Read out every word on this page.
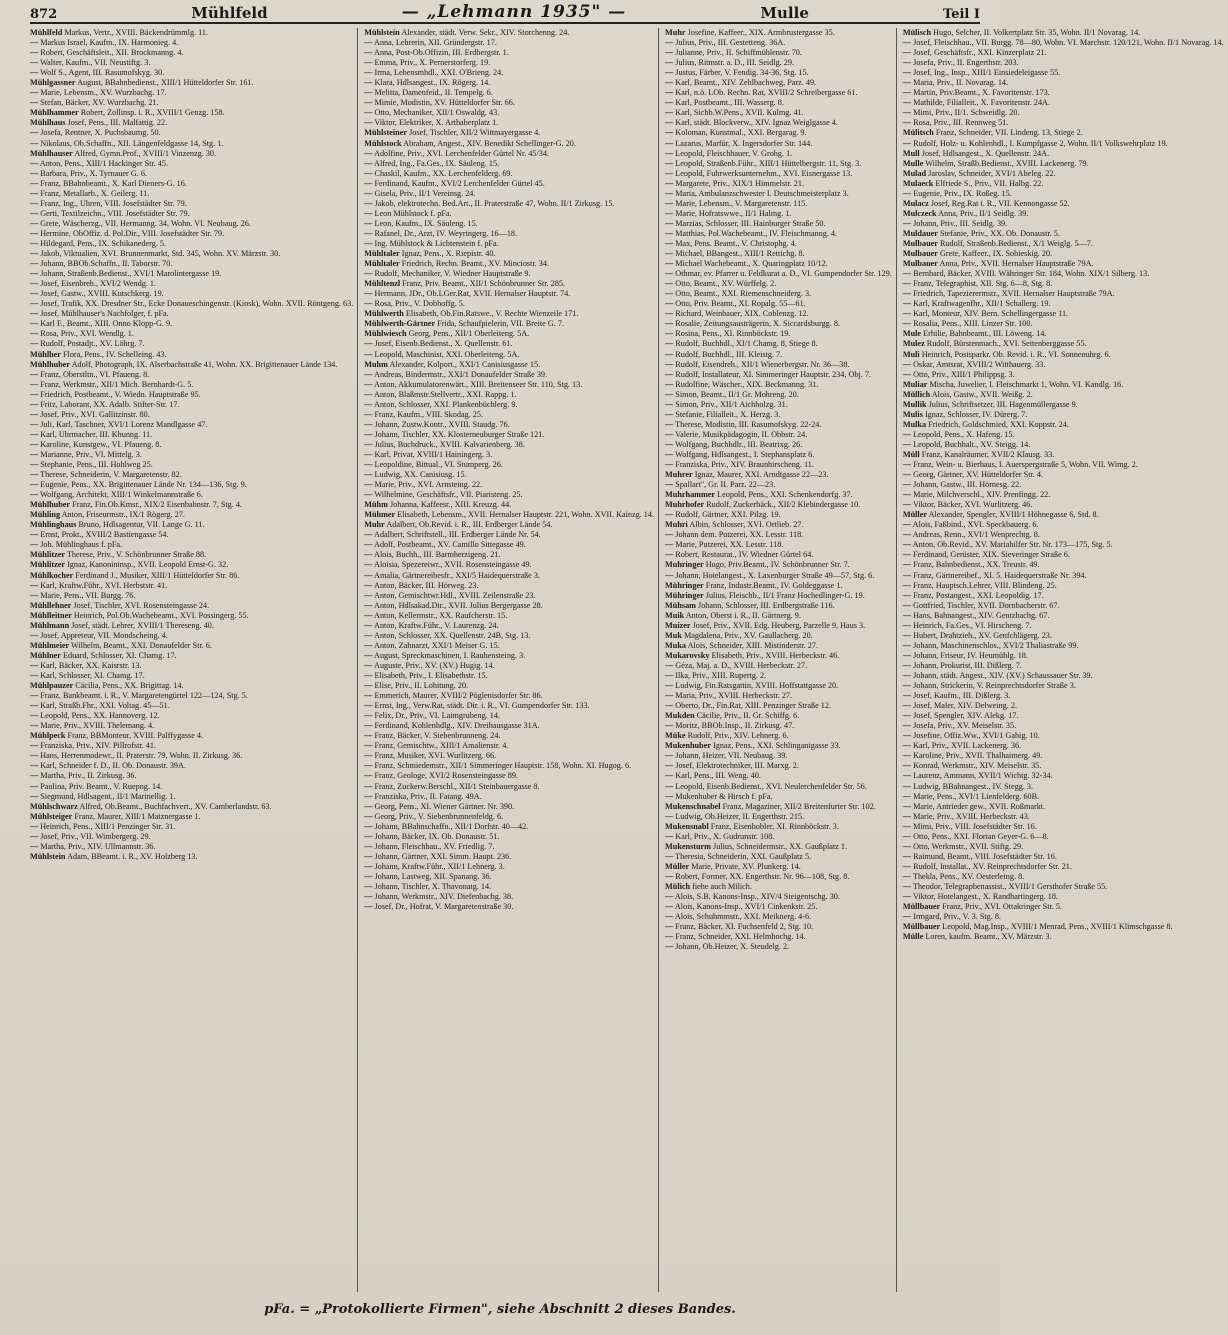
872	Mühlfeld	— „Lehmann 1935" —	Mulle	Teil I
Mühlfeld Markus, Vertr., XVIII. Bäckendrümmlg. 11.
— Markus Israel, Kaufm., IX. Harmonieg. 4.
— Robert, Geschäftsleit., XII. Brockmanng. 4.
— Walter, Kaufm., VII. Neustiftg. 3.
— Wolf S., Agent, III. Rasumofskyg. 30.
Mühlgassner August, BBahnbedienst., XIII/1 Hütteldorfer Str. 161.
— Marie, Lebensm., XV. Wurzbachg. 17.
— Stefan, Bäcker, XV. Wurzbachg. 21.
Mühlhammer Robert, Zollinsp. i. R., XVIII/1 Genzg. 158.
Mühlhaus Josef, Pens., III. Malfattig. 22.
— Josefa, Rentner, X. Puchsbaumg. 50.
— Nikolaus, Ob.Schaffn., XII. Längenfeldgasse 14, Stg. 1.
Mühlhauser Alfred, Gymn.Prof., XVIII/1 Vinzenzg. 30.
— Anton, Pens., XIII/1 Hackinger Str. 45.
— Barbara, Priv., X. Tyrnauer G. 6.
— Franz, BBahnbeamt., X. Karl Dieners-G. 16.
— Franz, Metallarb., X. Geilerg. 11.
— Franz, Ing., Uhren, VIII. Josefstädter Str. 79.
— Gerti, Textilzeichn., VIII. Josefstädter Str. 79.
— Grete, Wäscherzg., VII. Hermanng. 34, Wohn. VI. Neubaug. 26.
— Hermine, ObOffiz. d. Pol.Dir., VIII. Josefstädter Str. 79.
— Hildegard, Pens., IX. Schikanederg. 5.
— Jakob, Viktualien, XVI. Brunnenmarkt, Std. 345, Wohn. XV. Märzstr. 30.
— Johann, BBOb.Schaffn., II. Taborstr. 70.
— Johann, Straßenb.Bedienst., XVI/1 Marolintergasse 19.
— Josef, Eisenbreh., XVI/2 Wendg. 1.
— Josef, Gastw., XVIII. Kutschkerg. 19.
— Josef, Trafik, XX. Dresdner Str., Ecke Donaueschingenstr. (Kiosk), Wohn. XVII. Röntgeng. 63.
— Josef, Mühlhauser's Nachfolger, f. pFa.
— Karl F., Beamt., XIII. Onno Klopp-G. 9.
— Rosa, Priv., XVI. Wendlg. 1.
— Rudolf, Postadjt., XV. Löhrg. 7.
Mühlher Flora, Pens., IV. Schelleing. 43.
Mühlhuber Adolf, Photograph, IX. Alserbachstraße 41, Wohn. XX. Brigittenauer Lände 134.
— Franz, Oberstltn., VI. Pfaueng. 8.
— Franz, Werkmstr., XII/1 Mich. Bernhardt-G. 5.
— Friedrich, Postbeamt., V. Wiedn. Hauptstraße 95.
— Fritz, Laborant, XX. Adalb. Stifter-Str. 17.
— Josef, Priv., XVI. Gallitzinstr. 80.
— Juli, Karl, Taschner, XVI/1 Lorenz Mandlgasse 47.
— Karl, Uhrmacher, III. Khunng. 11.
— Karoline, Kunstgew., VI. Pfaueng. 8.
— Marianne, Priv., VI. Mittelg. 3.
— Stephanie, Pens., III. Hohlweg 25.
— Therese, Schneiderin, V. Margaretenstr. 82.
— Eugenie, Pens., XX. Brigittenauer Lände Nr. 134—136, Stg. 9.
— Wolfgang, Architekt, XIII/1 Winkelmannstraße 6.
Mühlhuber Franz, Fin.Ob.Kmsr., XIX/2 Eisenbahnstr. 7, Stg. 4.
Mühling Anton, Friseurmstr., IX/1 Rögerg. 27.
Mühlinghaus Bruno, Hdlsagentur, VII. Lange G. 11.
— Ernst, Prokt., XVIII/2 Bastiengasse 54.
— Joh. Mühlinghaus f. pFa.
Mühlitzer Therese, Priv., V. Schönbrunner Straße 88.
Mühlitzer Ignaz, Kanonininsp., XVII. Leopold Ernst-G. 32.
Mühlkocher Ferdinand J., Musiker, XIII/1 Hütteldorfer Str. 86.
— Karl, Kraftw.Führ., XVI. Herbststr. 41.
— Marie, Pens., VII. Burgg. 76.
Mühllehner Josef, Tischler, XVI. Rosensteingasse 24.
Mühlleitner Heinrich, Pol.Ob.Wachebeamt., XVI. Possingerg. 55.
Mühlmann Josef, städt. Lehrer, XVIII/1 Thereseng. 40.
— Josef, Appreteur, VII. Mondscheing. 4.
Mühlmeier Wilhelm, Beamt., XXI. Donaufelder Str. 6.
Mühlner Eduard, Schlosser, XI. Chamg. 17.
— Karl, Bäcker, XX. Kaisrstr. 13.
— Karl, Schlosser, XI. Chamg. 17.
Mühlpauzer Cäcilia, Pens., XX. Brigittag. 14.
— Franz, Bankbeamt. i. R., V. Margaretengürtel 122—124, Stg. 5.
— Karl, Straßb.Fhr., XXI. Voltag. 45—51.
— Leopold, Pens., XX. Hannoverg. 12.
— Marie, Priv., XVIII. Thelemang. 4.
Mühlpeck Franz, BBMonteur, XVIII. Palffygasse 4.
— Franziska, Priv., XIV. Pillrofstr. 41.
— Hans, Herrenmodewr., II. Praterstr. 79, Wohn. II. Zirkusg. 36.
— Karl, Schneider f. D., II. Ob. Donaustr. 39A.
— Martha, Priv., II. Zirkusg. 36.
— Paulina, Priv. Beamt., V. Ruepng. 14.
— Siegmund, Hdlsagent., II/1 Marinellig. 1.
Mühlschwarz Alfred, Ob.Beamt., Buchfachvert., XV. Camberlandstr. 63.
Mühlsteiger Franz, Maurer, XIII/1 Matznergasse 1.
— Heinrich, Pens., XIII/1 Penzinger Str. 31.
— Josef, Priv., VII. Wimbergerg. 29.
— Martha, Priv., XIV. Ullmannstr. 36.
Mühlstein Adam, BBeamt. i. R., XV. Holzberg 13.
Mühlstein Alexander, städt. Verw. Sekr., XIV. Storchenng. 24.
— Anna, Lehrerin, XII. Gründergstr. 17.
— Anna, Post-Ob.Offizin, III. Erdbergstr. 1.
— Emma, Priv., X. Pernerstorferg. 19.
— Irma, Lebensmhdl., XXI. O'Brieng. 24.
— Klara, Hdlsangest., IX. Rögerg. 14.
— Melitta, Damenfeid., II. Tempelg. 6.
— Mimie, Modistin, XV. Hütteldorfer Str. 66.
— Otto, Mechaniker, XII/1 Oswaldg. 43.
— Viktor, Elektriker, X. Arthaberplatz 1.
Mühlsteiner Josef, Tischler, XII/2 Wittmayergasse 4.
Mühlstock Abraham, Angest., XIV. Benedikt Schellinger-G. 20.
— Adolfine, Priv., XVI. Lerchenfelder Gürtel Nr. 45/34.
— Alfred, Ing., Fa.Ges., IX. Säuleng. 15.
— Chaskil, Kaufm., XX. Lerchenfelderg. 69.
— Ferdinand, Kaufm., XVI/2 Lerchenfelder Gürtel 45.
— Gisela, Priv., II/1 Vereinsg. 24.
— Jakob, elektrotechn. Bed.Art., II. Praterstraße 47, Wohn. II/1 Zirkusg. 15.
— Leon Mühlstock f. pFa.
— Leon, Kaufm., IX. Säuleng. 15.
— Rafanel, Dr., Arzt, IV. Weyringerg. 16—18.
— Ing. Mühlstock & Lichtenstein f. pFa.
Mühltaler Ignaz, Pens., X. Riepistr. 40.
Mühltaler Friedrich, Rechn. Beamt., XV. Minciostr. 34.
— Rudolf, Mechaniker, V. Wiedner Hauptstraße 9.
Mühltenzl Franz, Priv. Beamt., XII/1 Schönbrunner Str. 285.
— Hermann, JDr., Ob.LGer.Rat, XVII. Hernalser Hauptstr. 74.
— Rosa, Priv., V. Dobhoffg. 5.
Mühlwerth Elisabeth, Ob.Fin.Ratswe., V. Rechte Wienzeile 171.
Mühlwerth-Gärtner Frida, Schaufpielerin, VII. Breite G. 7.
Mühlwiesch Georg, Pens., XII/1 Oberleiteng. 5A.
— Josef, Eisenb.Bedienst., X. Quellenstr. 61.
— Leopold, Maschinist, XXI. Oberleiteng. 5A.
Muhm Alexander, Kolport., XXI/1 Canisiusgasse 15.
— Andreas, Bindermstr., XXI/1 Donaufelder Straße 39.
— Anton, Akkumulatorenwärt., XIII. Breitenseer Str. 110, Stg. 13.
— Anton, Blaßmstr.Stellvertr., XXI. Rappg. 1.
— Anton, Schlosser, XXI. Plankenbüchlerg. 9.
— Franz, Kaufm., VIII. Skodag. 25.
— Johann, Zustw.Kontr., XVIII. Staudg. 76.
— Johann, Tischler, XX. Klosterneuburger Straße 121.
— Julius, Buchdruck., XVIII. Kalvarienberg. 38.
— Karl, Privat, XVIII/1 Hainingerg. 3.
— Leopoldine, Bittual., VI. Stumperg. 26.
— Ludwig, XX. Canisiusg. 15.
— Marie, Priv., XVI. Arnsteing. 22.
— Wilhelmine, Geschäftsfr., VII. Piaristeng. 25.
Mühm Johanna, Kaffeesr., XIII. Kreuzg. 44.
Mühmer Elisabeth, Lebensm., XVII. Hernalser Hauptstr. 221, Wohn. XVII. Kainzg. 14.
Muhr Adalbert, Ob.Revid. i. R., III. Erdberger Lände 54.
— Adalbert, Schriftstell., III. Erdberger Lände Nr. 54.
— Adolf, Postbeamt., XV. Camillo Sittegasse 49.
— Alois, Buchh., III. Barmherzigeng. 21.
— Aloisia, Spezereiwr., XVII. Rosensteingasse 49.
— Amalia, Gärtnereibesfr., XXI/5 Haidequerstraße 3.
— Anton, Bäcker, III. Hörweg. 23.
— Anton, Gemischtwr.Hdl., XVIII. Zeilenstraße 23.
— Anton, Hdlsakad.Dir., XVII. Julius Bergergasse 28.
— Anton, Kellermstr., XX. Raufcherstr. 15.
— Anton, Kraftw.Führ., V. Laurenzg. 24.
— Anton, Schlosser, XX. Quellenstr. 24B, Stg. 13.
— Anton, Zahnarzt, XXI/1 Meiser G. 15.
— August, Spreckmaschinen, I. Rauhensteing. 3.
— Auguste, Priv., XV. (XV.) Hugig. 14.
— Elisabeth, Priv., I. Elisabethstr. 15.
— Elise, Priv., II. Lohitung. 20.
— Emmerich, Maurer, XVIII/2 Pöglenisdorfer Str. 86.
— Ernst, Ing., Verw.Rat, städt. Dir. i. R., VI. Gumpendorfer Str. 133.
— Felix, Dr., Priv., VI. Laimgrubeng. 14.
— Ferdinand, Kohlenhdlg., XIV. Dreihausgasse 31A.
— Franz, Bäcker, V. Siebenbrunneng. 24.
— Franz, Gemischtw., XIII/1 Amalienstr. 4.
— Franz, Musiker, XVI. Wurlitzerg. 66.
— Franz, Schmiedemstr., XII/1 Simmeringer Hauptstr. 158, Wohn. XI. Hugog. 6.
— Franz, Geologe, XVI/2 Rosensteingasse 89.
— Franz, Zuckerw.Berschl., XII/1 Steinbauergasse 8.
— Franziska, Priv., II. Fatang. 49A.
— Georg, Pens., XI. Wiener Gärtner. Nr. 390.
— Georg, Priv., V. Siebenbrunnenfeldg. 6.
— Johann, BBahnschaffn., XII/1 Dorfstr. 40—42.
— Johann, Bäcker, IX. Ob. Donaustr. 51.
— Johann, Fleischhau., XV. Friedlig. 7.
— Johann, Gärtner, XXI. Simm. Haupt. 236.
— Johann, Kraftw.Führ., XII/1 Lehnerg. 3.
— Johann, Lastweg, XII. Spanang. 36.
— Johann, Tischler, X. Thavonatg. 14.
— Johann, Werkmstr., XIV. Diefenbachg. 38.
— Josef, Dr., Hofrat, V. Margaretenstraße 30.
Muhr Josefine, Kaffeer., XIX. Armbrustergasse 35.
— Julius, Priv., III. Gestetteng. 36A.
— Julianne, Priv., II. Schiffmühlenstr. 70.
— Julius, Ritmstr. a. D., III. Seidlg. 29.
— Justus, Färber, V. Fendig. 34-36, Stg. 15.
— Karl, Beamt., XIV. Zehlbachweg, Parz. 49.
— Karl, n.ö. LOb. Rechn. Rat, XVIII/2 Schreibergasse 61.
— Karl, Postbeamt., III. Wasserg. 8.
— Karl, Sichb.W.Pens., XVII. Kulmg. 41.
— Karl, städt. Blockverw., XIV. Ignaz Weiglgasse 4.
— Koloman, Kunstmal., XXI. Bergarag. 9.
— Lazarus, Marfür, X. Ingersdorfer Str. 144.
— Leopold, Fleischhauer, V. Grohg. 1.
— Leopold, Straßenb.Führ., XIII/1 Hüttelbergstr. 11, Stg. 3.
— Leopold, Fuhrwerksunternehm., XVI. Eisnergasse 13.
— Margarete, Priv., XIX/1 Himmelstr. 21.
— Maria, Ambulanzschwester I. Deutschmeisterplatz 3.
— Marie, Lebensm., V. Margaretenstr. 115.
— Marie, Hofratswwe., II/1 Halmg. 1.
— Marzias, Schlosser, III. Hainburger Straße 50.
— Matthias, Pol.Wachebeamt., IV. Fleischmanng. 4.
— Max, Pens. Beamt., V. Christophg. 4.
— Michael, BBangest., XIII/1 Rettichg. 8.
— Michael Wachebeamt., X. Quaringplatz 10/12.
— Othmar, ev. Pfarrer u. Feldkurat a. D., VI. Gumpendorfer Str. 129.
— Otto, Beamt., XV. Würffelg. 2.
— Otto, Beamt., XXI. Riemenschneiderg. 3.
— Otto, Priv. Beamt., XI. Ropalg. 55—61.
— Richard, Weinbauer, XIX. Coblenzg. 12.
— Rosalie, Zeitungsausträgerin, X. Siccardsburgg. 8.
— Rosina, Pens., XI. Rinnböckstr. 19.
— Rudolf, Buchhdl., XI/1 Chamg. 8, Stiege 8.
— Rudolf, Buchhdl., III. Kleistg. 7.
— Rudolf, Eisendreh., XII/1 Wienerbergstr. Nr. 36—38.
— Rudolf, Installateur, XI. Simmeringer Hauptstr. 234, Obj. 7.
— Rudolfine, Wäscher., XIX. Beckmanng. 31.
— Simon, Beamt., II/1 Gr. Mohreng. 20.
— Simon, Priv., XII/1 Aichholzg. 31.
— Stefanie, Filialleit., X. Herzg. 3.
— Therese, Modistin, III. Rasumofskyg. 22-24.
— Valerie, Musikpädagogin, II. Obbstr. 24.
— Wolfgang, Buchhdlr., III. Beatrixg. 26.
— Wolfgang, Hdlsangest., I. Stephansplatz 6.
— Franziska, Priv., XIV. Braunhirscheng. 11.
Muhrer Ignaz, Maurer, XXI. Arndtgasse 22—23.
— Spallart", Gr. II. Parz. 22—23.
Muhrhammer Leopold, Pens., XXI. Schenkendorfg. 37.
Muhrhofer Rudolf, Zuckerbäck., XII/2 Klebindergasse 10.
— Rudolf, Gärtner, XXI. Pilzg. 19.
Muhri Albin, Schlosser, XVI. Ortlieb. 27.
— Johann dem. Putzerei, XX. Lesstr. 118.
— Marie, Putzerei, XX. Lesstr. 118.
— Robert, Restaurat., IV. Wiedner Gürtel 64.
Muhringer Hugo, Priv.Beamt., IV. Schönbrunner Str. 7.
— Johann, Hotelangest., X. Laxenburger Straße 49—57, Stg. 6.
Mühringer Franz, Industr.Beamt., IV. Goldeggasse 1.
Mühringer Julius, Fleischb., II/1 Franz Hochedlinger-G. 19.
Mühsam Johann, Schlosser, III. Erdbergstraße 116.
Muik Anton, Oberst i. R., II. Gärtnerg. 9.
Muizer Josef, Priv., XVII. Edg. Heuberg, Parzelle 9, Haus 3.
Muk Magdalena, Priv., XV. Gaullacherg. 20.
Muka Alois, Schneider, XIII. Mistinderstr. 27.
Mukarovsky Elisabeth, Priv., XVIII. Herbeckstr. 46.
— Géza, Maj. a. D., XVIII. Herbeckstr. 27.
— Ilka, Priv., XIII. Rupertg. 2.
— Ludwig, Fin.Ratsgattin, XVIII. Hoffstattgasse 20.
— Maria, Priv., XVIII. Herbeckstr. 27.
— Oberto, Dr., Fin.Rat, XIII. Penzinger Straße 12.
Mukden Cäcilie, Priv., II. Gr. Schiffg. 6.
— Moritz, BBOb.Insp., II. Zirkusg. 47.
Müke Rudolf, Priv., XIV. Lehnerg. 6.
Mukenhuber Ignaz, Pens., XXI. Schlinganigasse 33.
— Johann, Heizer, VII. Neubaug. 39.
— Josef, Elektrotechniker, III. Marxg. 2.
— Karl, Pens., III. Weng. 40.
— Leopold, Eisenb.Bedienst., XVI. Neulerchenfelder Str. 56.
— Mukenhuber & Hirsch f. pFa.
Mukenschnabel Franz, Magaziner, XII/2 Breitenfurter Str. 102.
— Ludwig, Ob.Heizer, II. Engerthstr. 215.
Mukensnabl Franz, Eisenhobler, XI. Rinnböckstr. 3.
— Karl, Priv., X. Gudrunstr. 108.
Mukensturm Julius, Schneidermstr., XX. Gaußplatz 1.
— Theresia, Schneiderin, XXI. Gaußplatz 5.
Müller Marie, Private, XV. Plunkerg. 14.
— Robert, Former, XX. Engerthstr. Nr. 96—108, Stg. 8.
Mülich fiehe auch Milich.
— Alois, S.B. Kanons-Insp., XIV/4 Steigentschg. 30.
— Alois, Kanons-Insp., XVI/1 Cinkenkstr. 25.
— Alois, Schuhmmstr., XXI. Meiknerg. 4-6.
— Franz, Bäcker, XI. Fuchsenfeld 2, Stg. 10.
— Franz, Schneider, XXI. Helmhochg. 14.
— Johann, Ob.Heizer, X. Steudelg. 2.
Mülisch Hugo, Selcher, II. Volkertplatz Str. 35, Wohn. II/1 Novarag. 14.
— Josef, Fleischhau., VII. Burgg. 78—80, Wohn. VI. Marchstr. 120/121, Wohn. II/1 Novarag. 14.
— Josef, Geschäftsfr., XXI. Kinzerplatz 21.
— Josefa, Priv., II. Engerthstr. 203.
— Josef, Ing., Insp., XIII/1 Einsiedeleigasse 55.
— Maria, Priv., II. Novarag. 14.
— Martin, Priv.Beamt., X. Favoritenstr. 173.
— Mathilde, Filialleit., X. Favoritenstr. 24A.
— Mimi, Priv., II/1. Schweidlg. 20.
— Rosa, Priv., III. Rennweg 51.
Mülitsch Franz, Schneider, VII. Lindeng. 13, Stiege 2.
— Rudolf, Holz- u. Kohlenhdl., I. Kumpfgasse 2, Wohn. II/1 Volkswehrplatz 19.
Mull Josef, Hdlsangest., X. Quellenstr. 24A.
Mulle Wilhelm, Straßb.Bedienst., XVIII. Lackenerg. 79.
Mulad Jaroslav, Schneider, XVI/1 Abeleg. 22.
Mulaeck Elfriede S., Priv., VII. Halbg. 22.
— Eugenie, Priv., IX. Roßeg. 15.
Mulacz Josef, Reg.Rat i. R., VII. Kennongasse 52.
Mulczeck Anna, Priv., II/1 Seidlg. 39.
— Johann, Priv., III. Seidlg. 39.
Muldauer Stefanie, Priv., XX. Ob. Donaustr. 5.
Mulbauer Rudolf, Straßenb.Bedienst., X/1 Weiglg. 5—7.
Mulbauer Grete, Kaffeer., IX. Sobieskig. 20.
Mulbauer Anna, Priv., XVII. Hernalser Hauptstraße 79A.
— Bernhard, Bäcker, XVIII. Währinger Str. 184, Wohn. XIX/1 Silberg. 13.
— Franz, Telegraphist, XII. Stg. 6—8, Stg. 8.
— Friedrich, Tapezierermstr., XVII. Hernalser Hauptstraße 79A.
— Karl, Kraftwagenfhr., XII/1 Schallerg. 19.
— Karl, Monteur, XIV. Bern. Schellingergasse 11.
— Rosalia, Pens., XIII. Linzer Str. 100.
Mule Erhilie, Bahnbeamt., III. Löweng. 14.
Mulez Rudolf, Bürstenmach., XVI. Seitenberggasse 55.
Muli Heinrich, Postsparkr. Ob. Revid. i. R., VI. Sonnenuhrg. 6.
— Oskar, Amtsrat, XVIII/2 Witthauerg. 33.
— Otto, Priv., XIII/1 Philippsg. 3.
Muliar Mischa, Juwelier, I. Fleischmarkt 1, Wohn. VI. Kandlg. 16.
Müllich Alois, Gastw., XVII. Weißg. 2.
Mullik Julius, Schriftsetzer, III. Hagenmüllergasse 9.
Mulis Ignaz, Schlosser, IV. Dürerg. 7.
Mulka Friedrich, Goldschmied, XXI. Koppstr. 24.
— Leopold, Pens., X. Hafeng. 15.
— Leopold, Buchhalt., XV. Steigg. 14.
Müll Franz, Kanalräumer, XVII/2 Klausg. 33.
— Franz, Wein- u. Bierhaus, I. Auerspergstraße 5, Wohn. VII. Wimg. 2.
— Georg, Gärtner, XV. Hütteldorfer Str. 4.
— Johann, Gastw., III. Hörnesg. 22.
— Marie, Milchverschl., XIV. Prenfingg. 22.
— Viktor, Bäcker, XVI. Wurlitzerg. 46.
Müller Alexander, Spengler, XVIII/1 Höhnegasse 6, Std. 8.
— Alois, Faßbind., XVI. Speckbauerg. 6.
— Andreas, Renn., XVI/1 Wenprechtg. 8.
— Anton, Ob.Revid., XV. Mariahilfer Str. Nr. 173—175, Stg. 5.
— Ferdinand, Gerüster, XIX. Sieveringer Straße 6.
— Franz, Bahnbedienst., XX. Treustr. 49.
— Franz, Gärtnereibef., XI. 5. Haidequerstraße Nr. 394.
— Franz, Hauptsch.Lehrer, VIII. Blindeng. 25.
— Franz, Postangest., XXI. Leopoldig. 17.
— Gottfried, Tischler, XVII. Dornbacherstr. 67.
— Hans, Bahnangest., XIV. Gentzbachg. 67.
— Heinrich, Fa.Ges., VI. Hirscheng. 7.
— Hubert, Drahtzieh., XV. Genfchlägerg. 23.
— Johann, Maschinenschlos., XVI/2 Thaliastraße 99.
— Johann, Friseur, IV. Heumühlg. 18.
— Johann, Prokurist, III. Dißlerg. 7.
— Johann, städt. Angest., XIV. (XV.) Schaussauer Str. 39.
— Johann, Strickerin, V. Reinprechtsdorfer Straße 3.
— Josef, Kaufm., III. Dißlerg. 3.
— Josef, Maler, XIV. Delweing. 2.
— Josef, Spengler, XIV. Alekg. 17.
— Josefa, Priv., XV. Meiselstr. 35.
— Josefine, Offiz.Ww., XVI/1 Gahig. 10.
— Karl, Priv., XVII. Lackenerg. 36.
— Karoline, Priv., XVII. Thalhaimerg. 49.
— Konrad, Werkmstr., XIV. Meiselstr. 35.
— Laurenz, Ammann, XVII/1 Wichtg. 32-34.
— Ludwig, BBahnangest., IV. Stegg. 3.
— Marie, Pens., XVI/1 Lienfelderg. 60B.
— Marie, Antrieder gew., XVII. Roßmarkt.
— Marie, Priv., XVIII. Herbeckstr. 43.
— Mimi, Priv., VIII. Josefstädter Str. 16.
— Otto, Pens., XXI. Florian Geyer-G. 6—8.
— Otto, Werkmstr., XVII. Stiftg. 29.
— Raimund, Beamt., VIII. Josefstädter Str. 16.
— Rudolf, Installat., XV. Reinprechtsdorfer Str. 21.
— Thekla, Pens., XV. Oesterleing. 8.
— Theodor, Telegrapbenassist., XVIII/1 Gersthofer Straße 55.
— Viktor, Hotelangest., X. Randhartingerg. 18.
Müllbauer Franz, Priv., XVI. Ottakringer Str. 5.
— Irmgard, Priv., V. 3. Stg. 8.
Müllbauer Leopold, Mag.Insp., XVIII/1 Menrad, Pens., XVIII/1 Klimschgasse 8.
Mülle Loren, kaufm. Beamt., XV. Märzstr. 3.
pFa. = „Protokollierte Firmen", siehe Abschnitt 2 dieses Bandes.
